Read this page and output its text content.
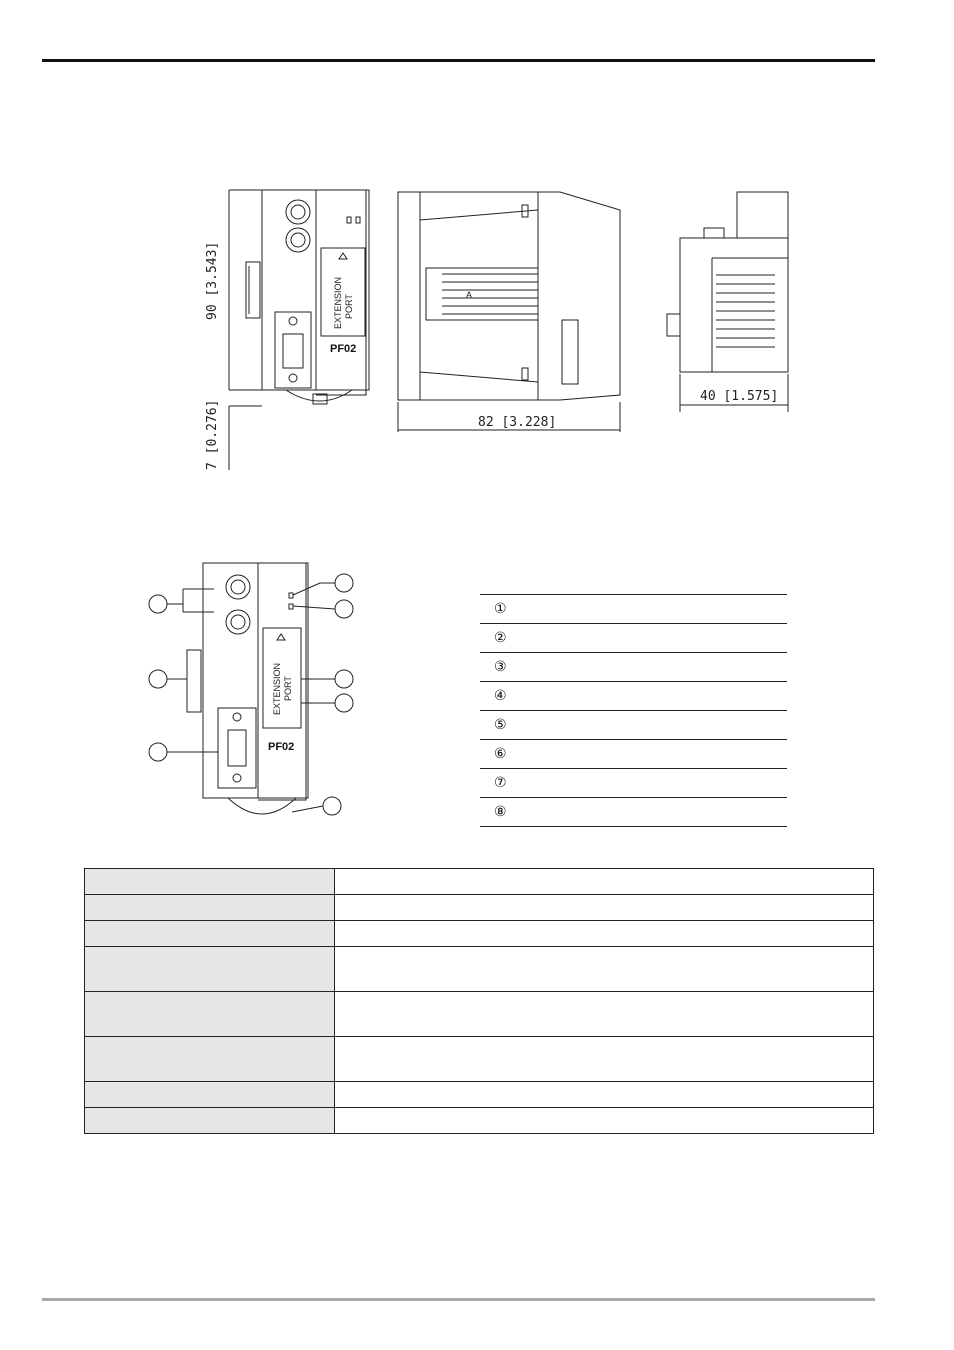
90 [3.543]
7 [0.276]
EXTENSIONPORT
PF02
A
82 [3.228]
40 [1.575]
EXTENSIONPORT
PF02
①
②
③
④
⑤
⑥
⑦
⑧
